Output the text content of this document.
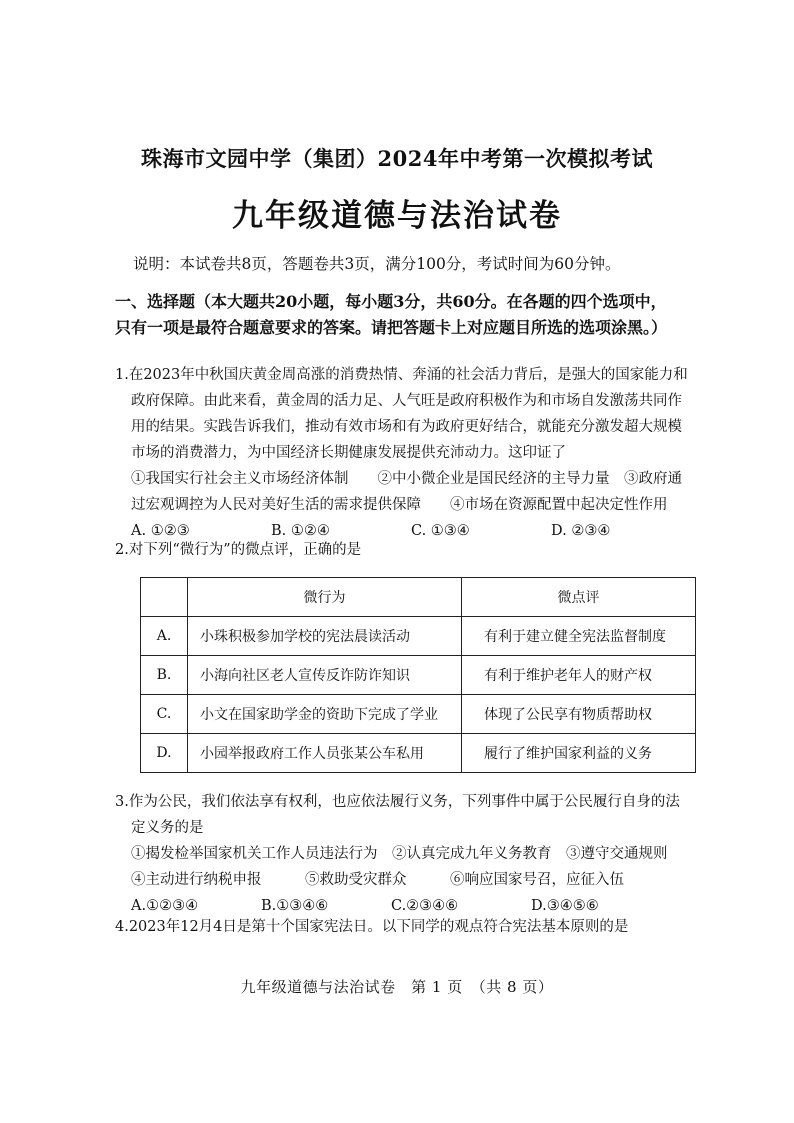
珠海市文园中学（集团）2024年中考第一次模拟考试
九年级道德与法治试卷
说明：本试卷共8页，答题卷共3页，满分100分，考试时间为60分钟。

一、选择题（本大题共20小题，每小题3分，共60分。在各题的四个选项中，

只有一项是最符合题意要求的答案。请把答题卡上对应题目所选的选项涂黑。）

1.在2023年中秋国庆黄金周高涨的消费热情、奔涌的社会活力背后，是强大的国家能力和

政府保障。由此来看，黄金周的活力足、人气旺是政府积极作为和市场自发激荡共同作

用的结果。实践告诉我们，推动有效市场和有为政府更好结合，就能充分激发超大规模

市场的消费潜力，为中国经济长期健康发展提供充沛动力。这印证了

①我国实行社会主义市场经济体制　　②中小微企业是国民经济的主导力量　③政府通

过宏观调控为人民对美好生活的需求提供保障　　④市场在资源配置中起决定性作用

A. ①②③	B. ①②④	C. ①③④	D. ②③④
2.对下列“微行为”的微点评，正确的是
	微行为	微点评
A.	小珠积极参加学校的宪法晨读活动	有利于建立健全宪法监督制度
B.	小海向社区老人宣传反诈防诈知识	有利于维护老年人的财产权
C.	小文在国家助学金的资助下完成了学业	体现了公民享有物质帮助权
D.	小园举报政府工作人员张某公车私用	履行了维护国家利益的义务

3.作为公民，我们依法享有权利，也应依法履行义务，下列事件中属于公民履行自身的法

定义务的是

①揭发检举国家机关工作人员违法行为　②认真完成九年义务教育　③遵守交通规则

④主动进行纳税申报　　　⑤救助受灾群众　　　⑥响应国家号召，应征入伍

A.①②③④	B.①③④⑥	C.②③④⑥	D.③④⑤⑥
4.2023年12月4日是第十个国家宪法日。以下同学的观点符合宪法基本原则的是
九年级道德与法治试卷　第 1 页　（共 8 页）
